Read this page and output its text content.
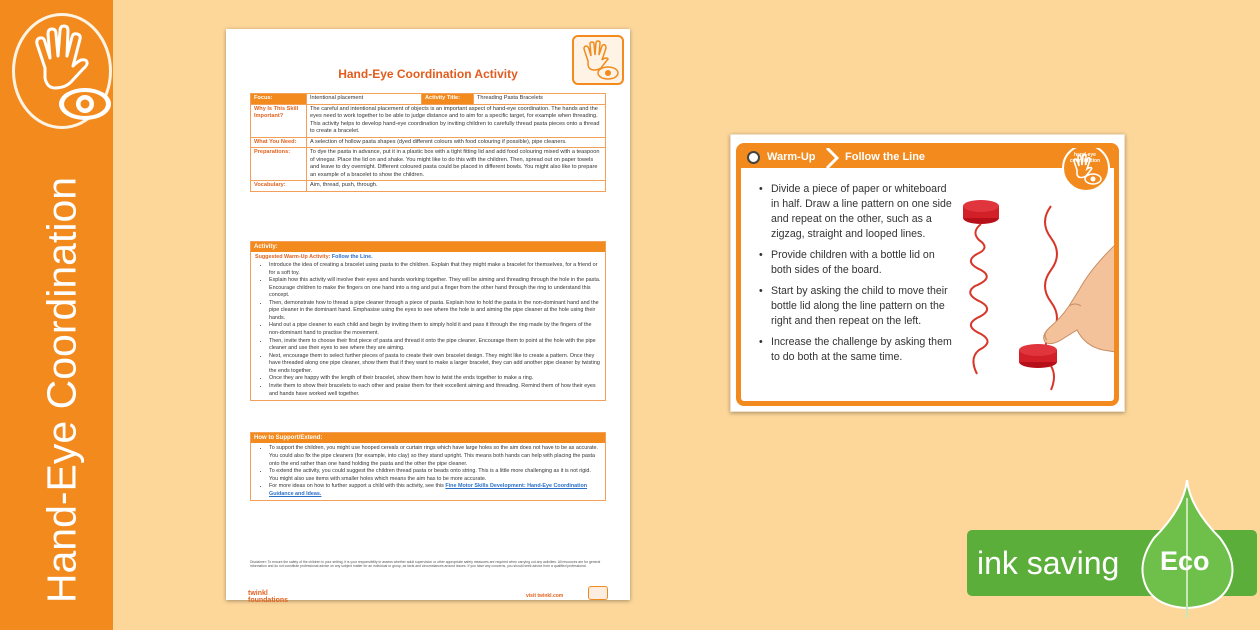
Hand-Eye Coordination
Hand-Eye Coordination Activity
Focus:	Intentional placement	Activity Title:	Threading Pasta Bracelets
Why Is This Skill Important?	The careful and intentional placement of objects is an important aspect of hand-eye coordination. The hands and the eyes need to work together to be able to judge distance and to aim for a specific target, for example when threading. This activity helps to develop hand-eye coordination by inviting children to carefully thread pasta pieces onto a thread to create a bracelet.		
What You Need:	A selection of hollow pasta shapes (dyed different colours with food colouring if possible), pipe cleaners.		
Preparations:	To dye the pasta in advance, put it in a plastic box with a tight fitting lid and add food colouring mixed with a teaspoon of vinegar. Place the lid on and shake. You might like to do this with the children. Then, spread out on paper towels and leave to dry overnight. Different coloured pasta could be placed in different bowls. You might also like to prepare an example of a bracelet to show the children.		
Vocabulary:	Aim, thread, push, through.		
Activity:
Suggested Warm-Up Activity: Follow the Line.
• Introduce the idea of creating a bracelet using pasta to the children. Explain that they might make a bracelet for themselves, for a friend or for a soft toy.
• Explain how this activity will involve their eyes and hands working together. They will be aiming and threading through the hole in the pasta. Encourage children to make the fingers on one hand into a ring and put a finger from the other hand through the ring to understand this concept.
• Then, demonstrate how to thread a pipe cleaner through a piece of pasta. Explain how to hold the pasta in the non-dominant hand and the pipe cleaner in the dominant hand. Emphasise using the eyes to see where the hole is and aiming the pipe cleaner at the hole using their hands.
• Hand out a pipe cleaner to each child and begin by inviting them to simply hold it and pass it through the ring made by the fingers of the non-dominant hand to practise the movement.
• Then, invite them to choose their first piece of pasta and thread it onto the pipe cleaner. Encourage them to point at the hole with the pipe cleaner and use their eyes to see where they are aiming.
• Next, encourage them to select further pieces of pasta to create their own bracelet design. They might like to create a pattern. Once they have threaded along one pipe cleaner, show them that if they want to make a larger bracelet, they can add another pipe cleaner by twisting the ends together.
• Once they are happy with the length of their bracelet, show them how to twist the ends together to make a ring.
• Invite them to show their bracelets to each other and praise them for their excellent aiming and threading. Remind them of how their eyes and hands have worked well together.
How to Support/Extend:
• To support the children, you might use hooped cereals or curtain rings which have large holes so the aim does not have to be as accurate. You could also fix the pipe cleaners (for example, into clay) so they stand upright. This means both hands can help with placing the pasta onto the end rather than one hand holding the pasta and the other the pipe cleaner.
• To extend the activity, you could suggest the children thread pasta or beads onto string. This is a little more challenging as it is not rigid. You might also use items with smaller holes which means the aim has to be more accurate.
• For more ideas on how to further support a child with this activity, see this Fine Motor Skills Development: Hand-Eye Coordination Guidance and Ideas.
Disclaimer: To ensure the safety of the children in your setting, it is your responsibility to assess whether adult supervision or other appropriate safety measures are required when carrying out any activities. All resources are for general information and do not constitute professional advice on any subject matter for an individual or group, as facts and circumstances around issues. If you have any concerns, you should seek advice from a qualified professional.
twinkl
foundations
visit twinkl.com
Warm-Up	Follow the Line	hand-eye coordination
• Divide a piece of paper or whiteboard in half. Draw a line pattern on one side and repeat on the other, such as a zigzag, straight and looped lines.
• Provide children with a bottle lid on both sides of the board.
• Start by asking the child to move their bottle lid along the line pattern on the right and then repeat on the left.
• Increase the challenge by asking them to do both at the same time.
ink saving Eco
